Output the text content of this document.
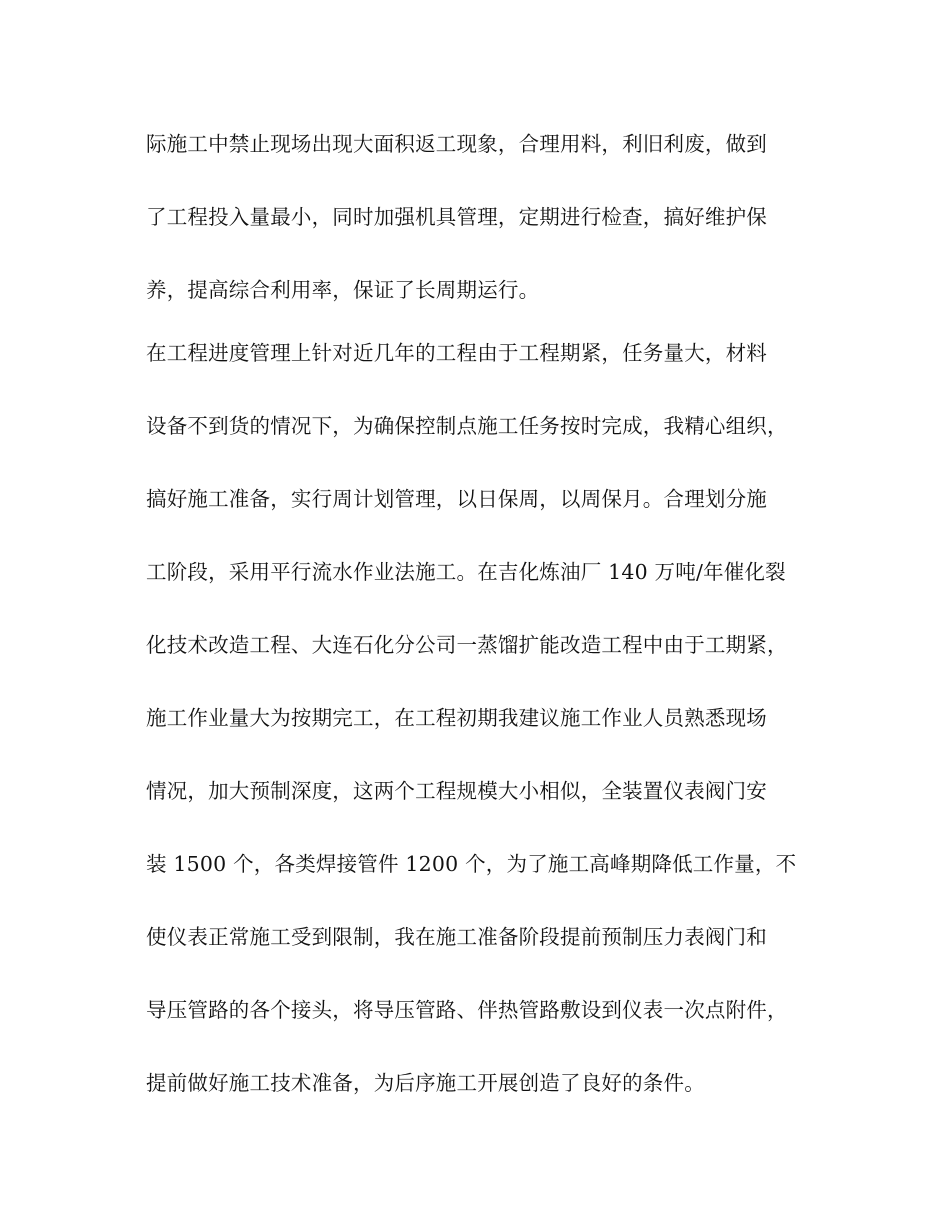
际施工中禁止现场出现大面积返工现象，合理用料，利旧利废，做到
了工程投入量最小，同时加强机具管理，定期进行检查，搞好维护保
养，提高综合利用率，保证了长周期运行。
在工程进度管理上针对近几年的工程由于工程期紧，任务量大，材料
设备不到货的情况下，为确保控制点施工任务按时完成，我精心组织，
搞好施工准备，实行周计划管理，以日保周，以周保月。合理划分施
工阶段，采用平行流水作业法施工。在吉化炼油厂 140 万吨/年催化裂
化技术改造工程、大连石化分公司一蒸馏扩能改造工程中由于工期紧，
施工作业量大为按期完工，在工程初期我建议施工作业人员熟悉现场
情况，加大预制深度，这两个工程规模大小相似，全装置仪表阀门安
装 1500 个，各类焊接管件 1200 个，为了施工高峰期降低工作量，不
使仪表正常施工受到限制，我在施工准备阶段提前预制压力表阀门和
导压管路的各个接头，将导压管路、伴热管路敷设到仪表一次点附件，
提前做好施工技术准备，为后序施工开展创造了良好的条件。
